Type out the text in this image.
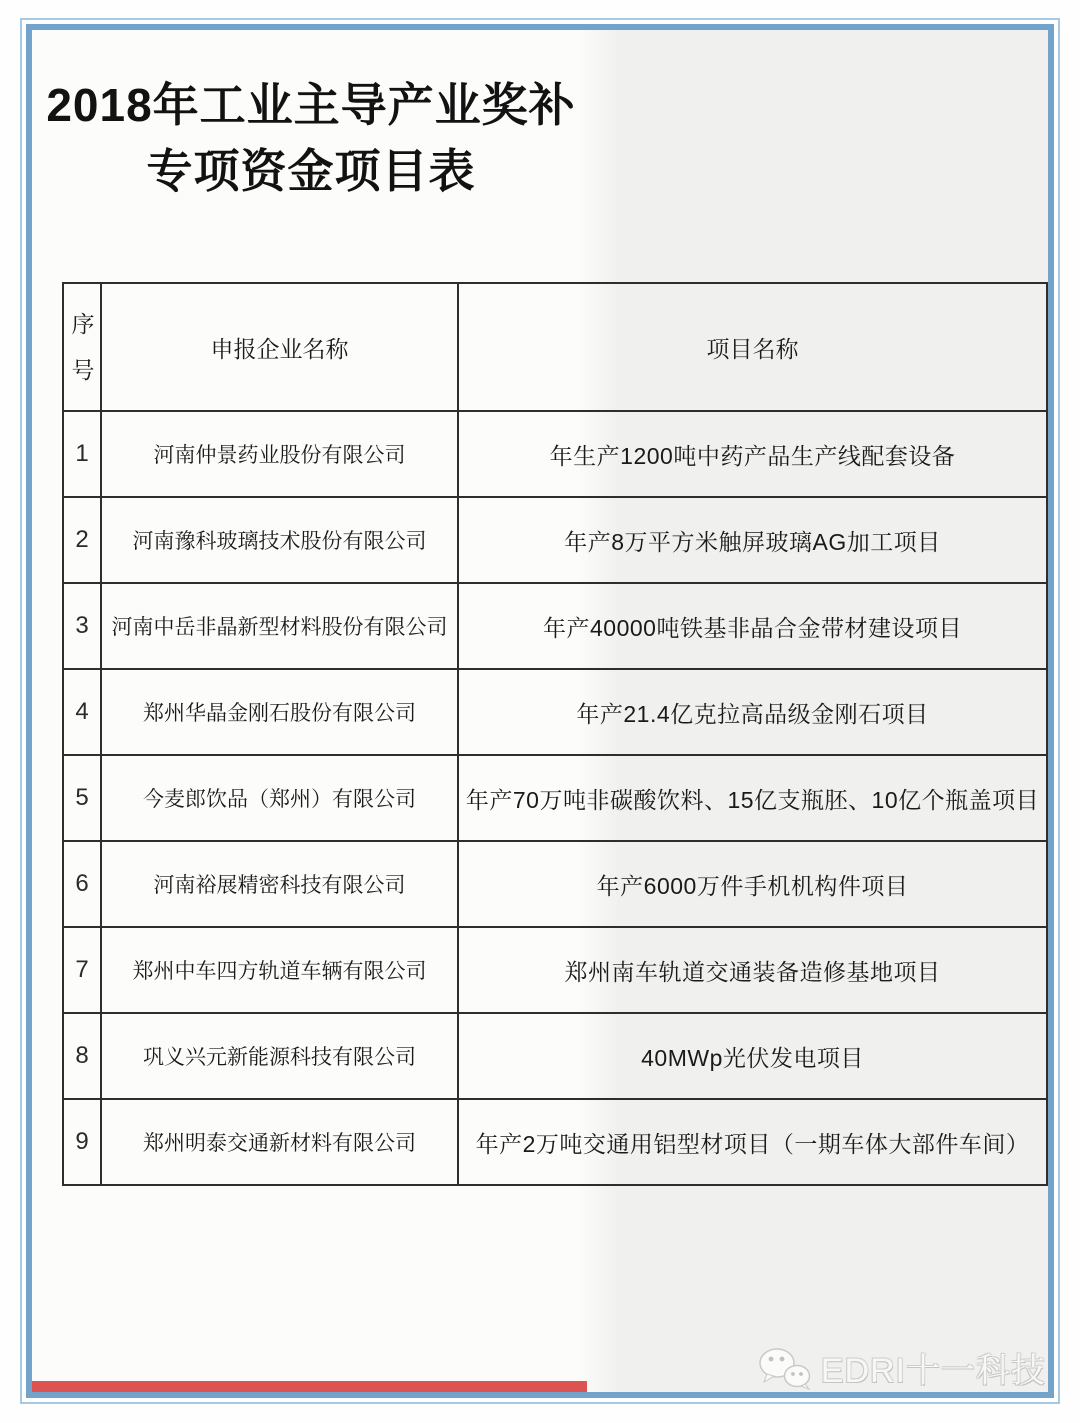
2018年工业主导产业奖补
专项资金项目表
序号	申报企业名称	项目名称
1	河南仲景药业股份有限公司	年生产1200吨中药产品生产线配套设备
2	河南豫科玻璃技术股份有限公司	年产8万平方米触屏玻璃AG加工项目
3	河南中岳非晶新型材料股份有限公司	年产40000吨铁基非晶合金带材建设项目
4	郑州华晶金刚石股份有限公司	年产21.4亿克拉高品级金刚石项目
5	今麦郎饮品（郑州）有限公司	年产70万吨非碳酸饮料、15亿支瓶胚、10亿个瓶盖项目
6	河南裕展精密科技有限公司	年产6000万件手机机构件项目
7	郑州中车四方轨道车辆有限公司	郑州南车轨道交通装备造修基地项目
8	巩义兴元新能源科技有限公司	40MWp光伏发电项目
9	郑州明泰交通新材料有限公司	年产2万吨交通用铝型材项目（一期车体大部件车间）
EDRI十一科技
